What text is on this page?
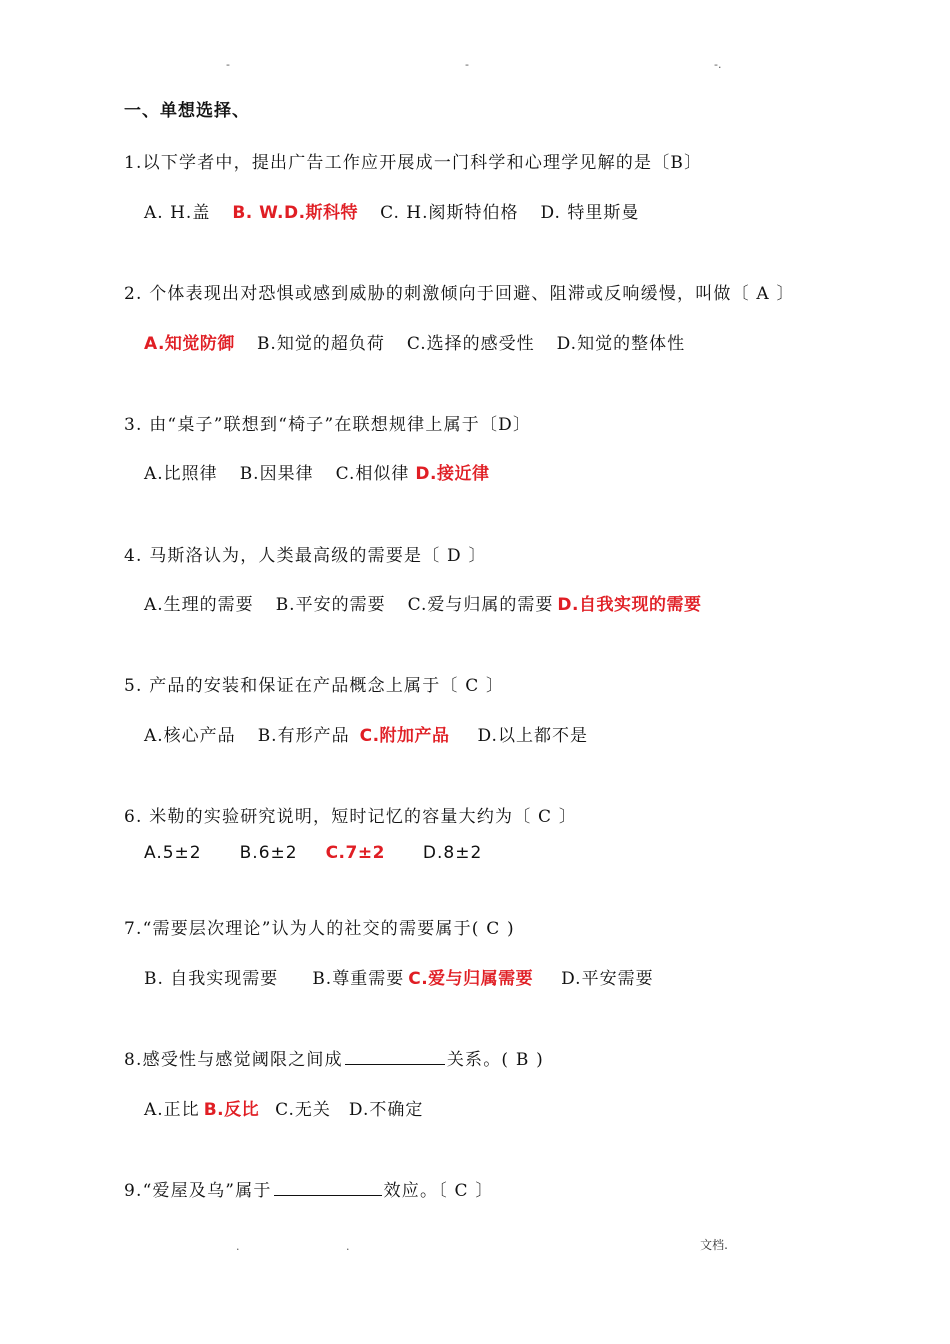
-	-	-.
一、单想选择、
1.以下学者中，提出广告工作应开展成一门科学和心理学见解的是〔B〕
A. H.盖 B. W.D.斯科特 C. H.阂斯特伯格 D. 特里斯曼
2. 个体表现出对恐惧或感到威胁的刺激倾向于回避、阻滞或反响缓慢，叫做〔 A 〕
A.知觉防御 B.知觉的超负荷 C.选择的感受性 D.知觉的整体性
3. 由“桌子”联想到“椅子”在联想规律上属于〔D〕
A.比照律 B.因果律 C.相似律 D.接近律
4. 马斯洛认为，人类最高级的需要是〔 D 〕
A.生理的需要 B.平安的需要 C.爱与归属的需要 D.自我实现的需要
5. 产品的安装和保证在产品概念上属于〔 C 〕
A.核心产品 B.有形产品 C.附加产品 D.以上都不是
6. 米勒的实验研究说明，短时记忆的容量大约为〔 C 〕
A.5±2 B.6±2 C.7±2 D.8±2
7.“需要层次理论”认为人的社交的需要属于( C )
B. 自我实现需要 B.尊重需要 C.爱与归属需要 D.平安需要
8.感受性与感觉阈限之间成	关系。( B )
A.正比 B.反比 C.无关 D.不确定
9.“爱屋及乌”属于	效应。〔 C 〕
.	.	文档.
